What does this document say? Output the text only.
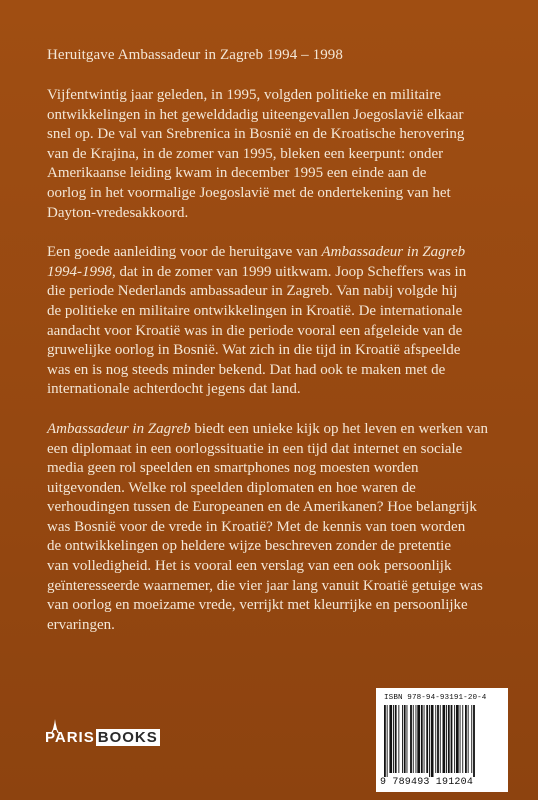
Heruitgave Ambassadeur in Zagreb 1994 – 1998

Vijfentwintig jaar geleden, in 1995, volgden politieke en militaire
ontwikkelingen in het gewelddadig uiteengevallen Joegoslavië elkaar
snel op. De val van Srebrenica in Bosnië en de Kroatische herovering
van de Krajina, in de zomer van 1995, bleken een keerpunt: onder
Amerikaanse leiding kwam in december 1995 een einde aan de
oorlog in het voormalige Joegoslavië met de ondertekening van het
Dayton-vredesakkoord.

Een goede aanleiding voor de heruitgave van Ambassadeur in Zagreb
1994-1998, dat in de zomer van 1999 uitkwam. Joop Scheffers was in
die periode Nederlands ambassadeur in Zagreb. Van nabij volgde hij
de politieke en militaire ontwikkelingen in Kroatië. De internationale
aandacht voor Kroatië was in die periode vooral een afgeleide van de
gruwelijke oorlog in Bosnië. Wat zich in die tijd in Kroatië afspeelde
was en is nog steeds minder bekend. Dat had ook te maken met de
internationale achterdocht jegens dat land.

Ambassadeur in Zagreb biedt een unieke kijk op het leven en werken van
een diplomaat in een oorlogssituatie in een tijd dat internet en sociale
media geen rol speelden en smartphones nog moesten worden
uitgevonden. Welke rol speelden diplomaten en hoe waren de
verhoudingen tussen de Europeanen en de Amerikanen? Hoe belangrijk
was Bosnië voor de vrede in Kroatië? Met de kennis van toen worden
de ontwikkelingen op heldere wijze beschreven zonder de pretentie
van volledigheid. Het is vooral een verslag van een ook persoonlijk
geïnteresseerde waarnemer, die vier jaar lang vanuit Kroatië getuige was
van oorlog en moeizame vrede, verrijkt met kleurrijke en persoonlijke
ervaringen.

PARIS BOOKS
ISBN 978-94-93191-20-4
9 789493 191204
